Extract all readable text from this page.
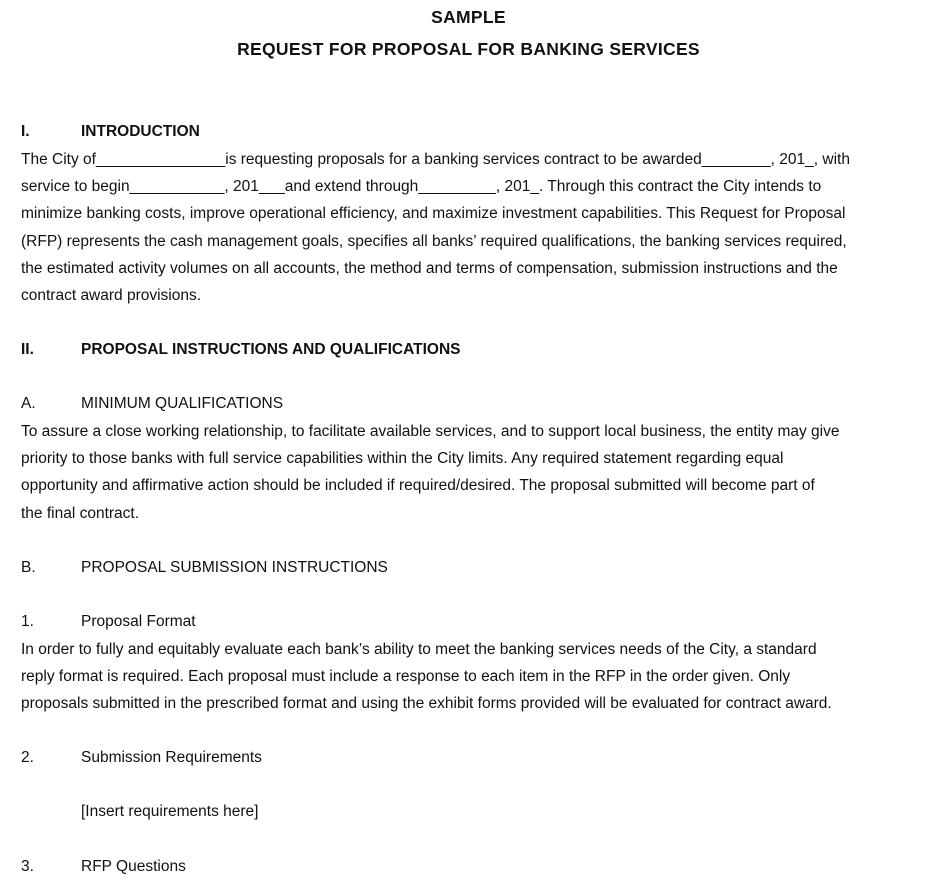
SAMPLE
REQUEST FOR PROPOSAL FOR BANKING SERVICES
I.	INTRODUCTION
The City of_______________is requesting proposals for a banking services contract to be awarded________, 201_, with
service to begin___________, 201___and extend through_________, 201_. Through this contract the City intends to
minimize banking costs, improve operational efficiency, and maximize investment capabilities. This Request for Proposal
(RFP) represents the cash management goals, specifies all banks’ required qualifications, the banking services required,
the estimated activity volumes on all accounts, the method and terms of compensation, submission instructions and the
contract award provisions.
II.	PROPOSAL INSTRUCTIONS AND QUALIFICATIONS
A.	MINIMUM QUALIFICATIONS
To assure a close working relationship, to facilitate available services, and to support local business, the entity may give
priority to those banks with full service capabilities within the City limits. Any required statement regarding equal
opportunity and affirmative action should be included if required/desired. The proposal submitted will become part of
the final contract.
B.	PROPOSAL SUBMISSION INSTRUCTIONS
1.	Proposal Format
In order to fully and equitably evaluate each bank’s ability to meet the banking services needs of the City, a standard
reply format is required. Each proposal must include a response to each item in the RFP in the order given. Only
proposals submitted in the prescribed format and using the exhibit forms provided will be evaluated for contract award.
2.	Submission Requirements
[Insert requirements here]
3.	RFP Questions
